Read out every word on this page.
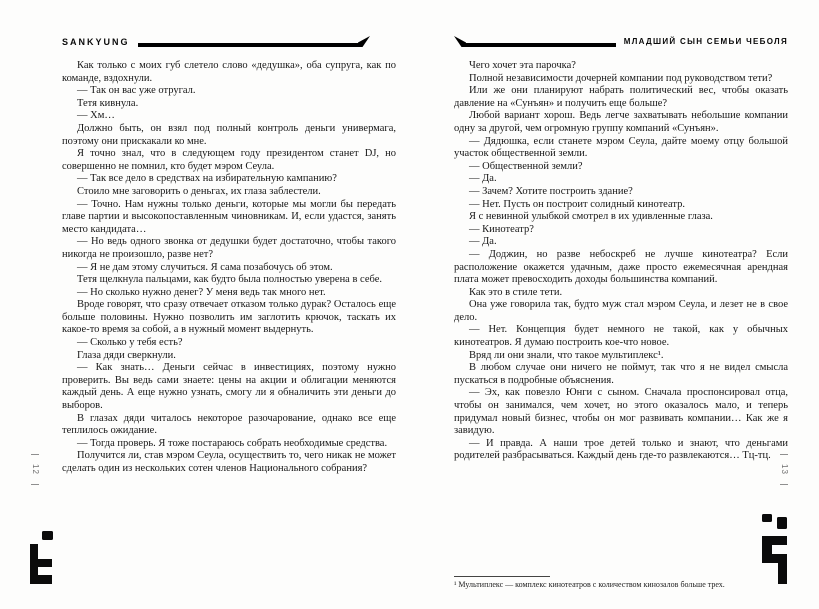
SANKYUNG	МЛАДШИЙ СЫН СЕМЬИ ЧЕБОЛЯ

Как только с моих губ слетело слово «дедушка», оба супруга, как по команде, вздохнули.

— Так он вас уже отругал.

Тетя кивнула.

— Хм…

Должно быть, он взял под полный контроль деньги универмага, поэтому они прискакали ко мне.

Я точно знал, что в следующем году президентом станет DJ, но совершенно не помнил, кто будет мэром Сеула.

— Так все дело в средствах на избирательную кампанию?

Стоило мне заговорить о деньгах, их глаза заблестели.

— Точно. Нам нужны только деньги, которые мы могли бы передать главе партии и высокопоставленным чиновникам. И, если удастся, занять место кандидата…

— Но ведь одного звонка от дедушки будет достаточно, чтобы такого никогда не произошло, разве нет?

— Я не дам этому случиться. Я сама позабочусь об этом.

Тетя щелкнула пальцами, как будто была полностью уверена в себе.

— Но сколько нужно денег? У меня ведь так много нет.

Вроде говорят, что сразу отвечает отказом только дурак? Осталось еще больше половины. Нужно позволить им заглотить крючок, таскать их какое-то время за собой, а в нужный момент выдернуть.

— Сколько у тебя есть?

Глаза дяди сверкнули.

— Как знать… Деньги сейчас в инвестициях, поэтому нужно проверить. Вы ведь сами знаете: цены на акции и облигации меняются каждый день. А еще нужно узнать, смогу ли я обналичить эти деньги до выборов.

В глазах дяди читалось некоторое разочарование, однако все еще теплилось ожидание.

— Тогда проверь. Я тоже постараюсь собрать необходимые средства.

Получится ли, став мэром Сеула, осуществить то, чего никак не может сделать один из нескольких сотен членов Национального собрания?

Чего хочет эта парочка?

Полной независимости дочерней компании под руководством тети?

Или же они планируют набрать политический вес, чтобы оказать давление на «Сунъян» и получить еще больше?

Любой вариант хорош. Ведь легче захватывать небольшие компании одну за другой, чем огромную группу компаний «Сунъян».

— Дядюшка, если станете мэром Сеула, дайте моему отцу большой участок общественной земли.

— Общественной земли?

— Да.

— Зачем? Хотите построить здание?

— Нет. Пусть он построит солидный кинотеатр.

Я с невинной улыбкой смотрел в их удивленные глаза.

— Кинотеатр?

— Да.

— Доджин, но разве небоскреб не лучше кинотеатра? Если расположение окажется удачным, даже просто ежемесячная арендная плата может превосходить доходы большинства компаний.

Как это в стиле тети.

Она уже говорила так, будто муж стал мэром Сеула, и лезет не в свое дело.

— Нет. Концепция будет немного не такой, как у обычных кинотеатров. Я думаю построить кое-что новое.

Вряд ли они знали, что такое мультиплекс¹.

В любом случае они ничего не поймут, так что я не видел смысла пускаться в подробные объяснения.

— Эх, как повезло Юнги с сыном. Сначала проспонсировал отца, чтобы он занимался, чем хочет, но этого оказалось мало, и теперь придумал новый бизнес, чтобы он мог развивать компании… Как же я завидую.

— И правда. А наши трое детей только и знают, что деньгами родителей разбрасываться. Каждый день где-то развлекаются… Тц-тц.

¹ Мультиплекс — комплекс кинотеатров с количеством кинозалов больше трех.
12	13
